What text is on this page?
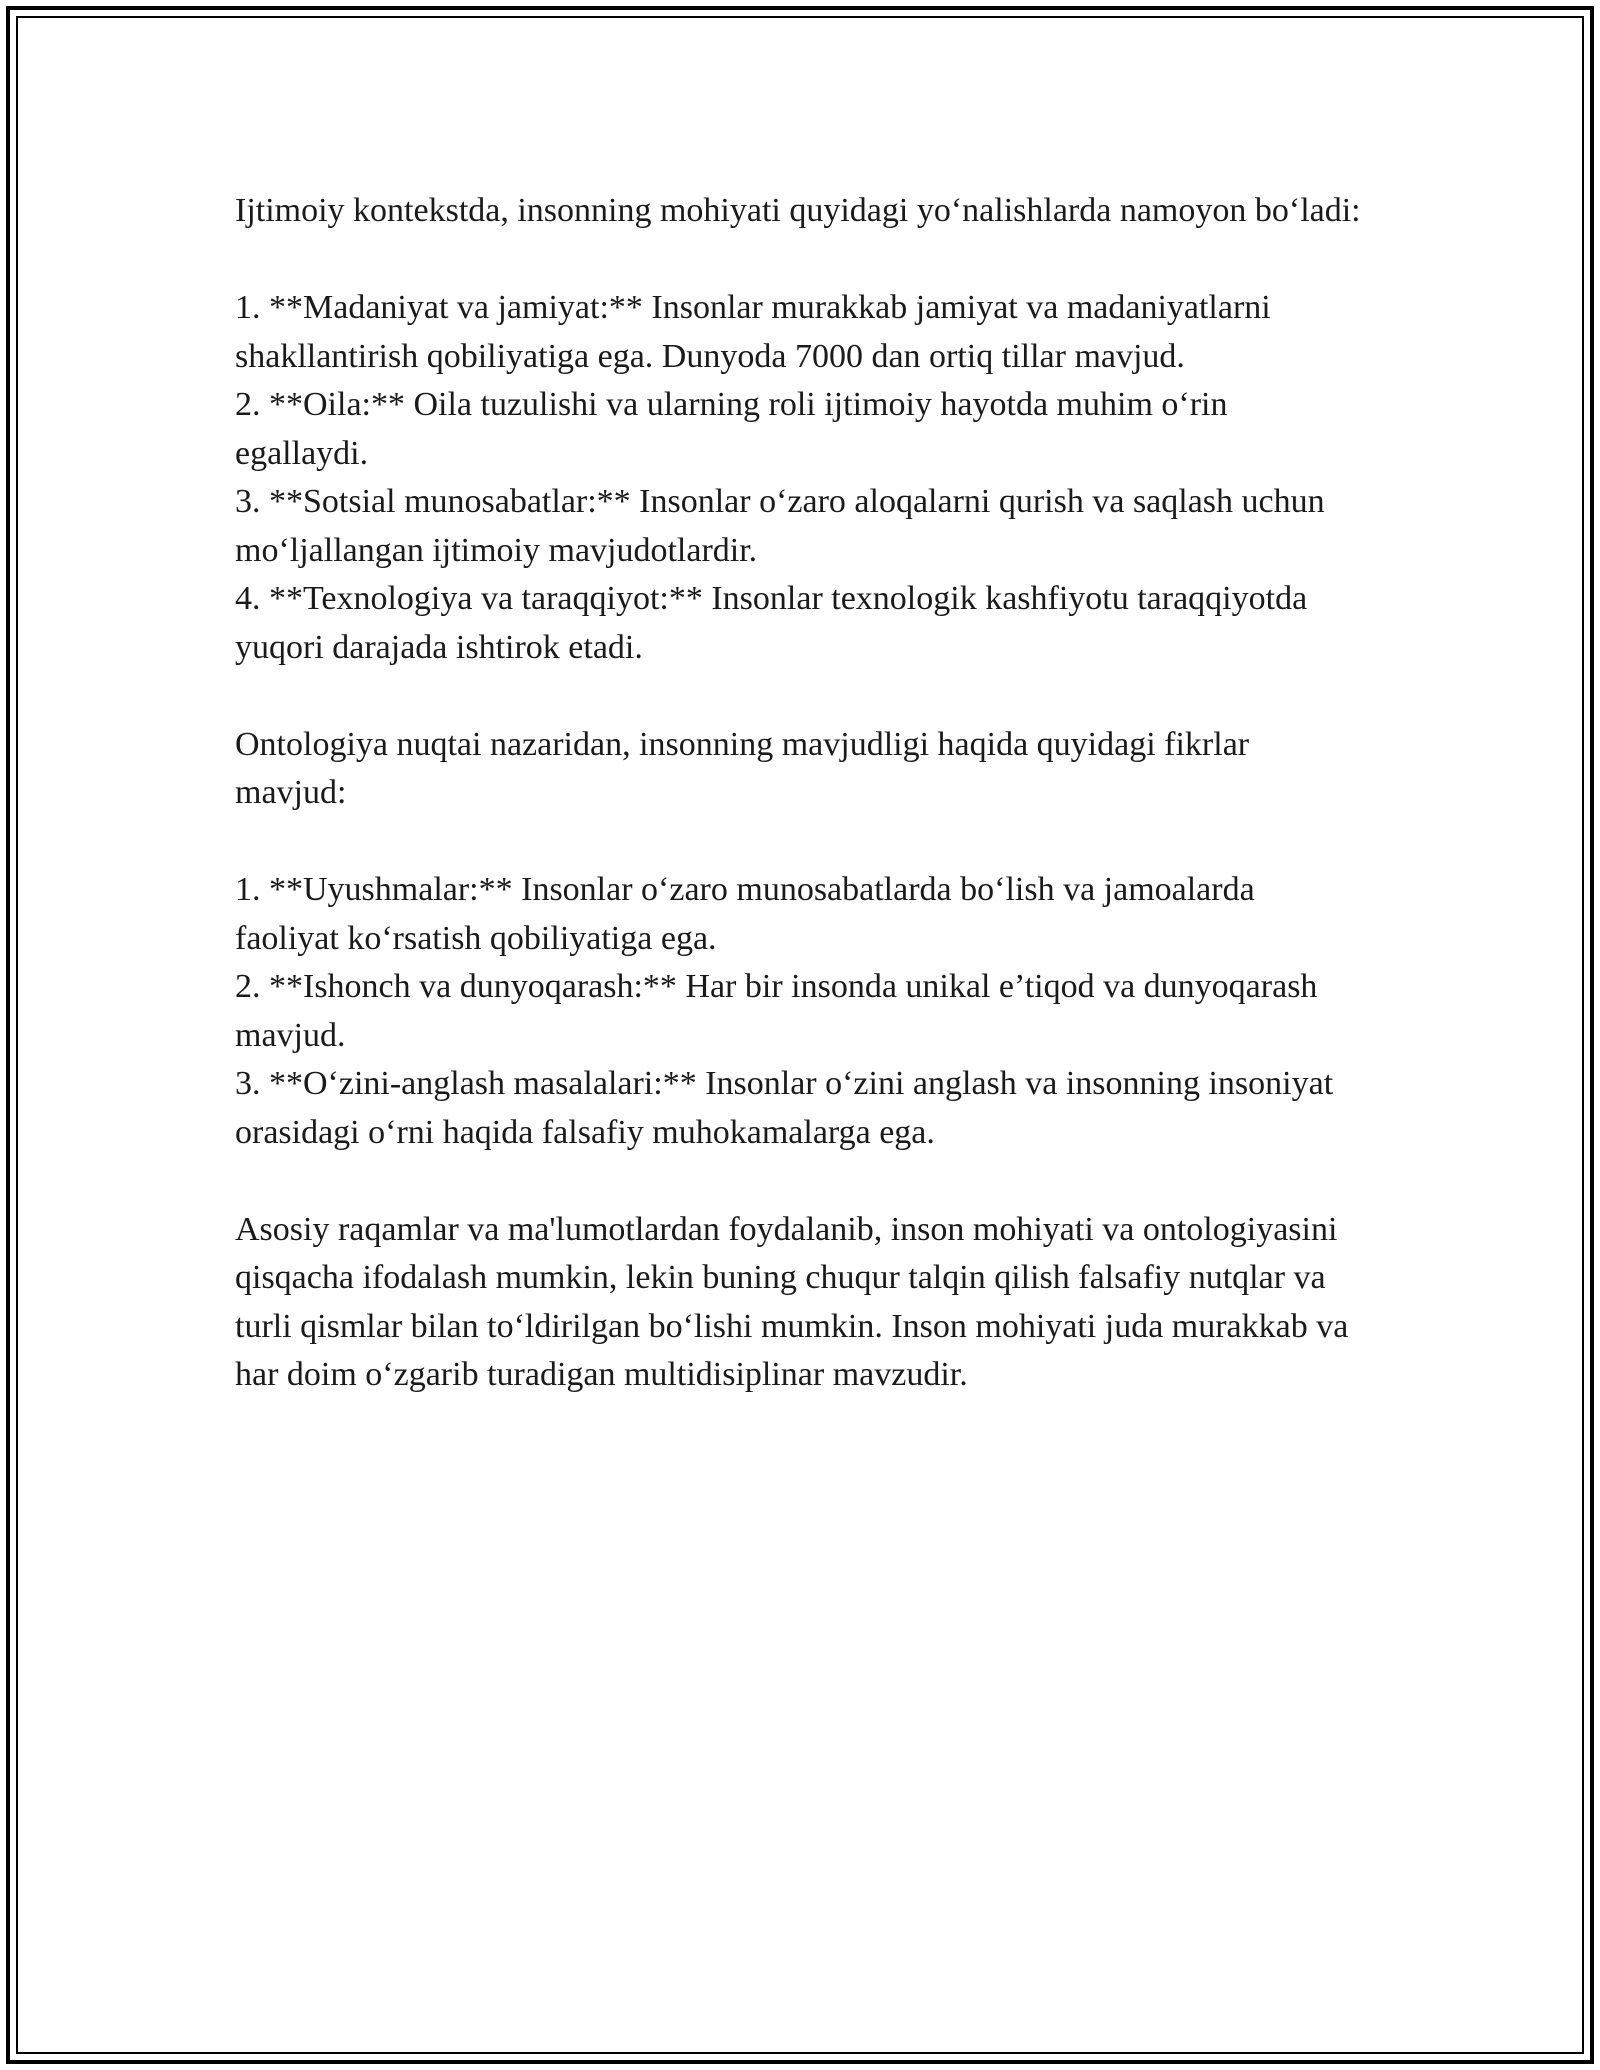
Ijtimoiy kontekstda, insonning mohiyati quyidagi yo‘nalishlarda namoyon bo‘ladi:

1. **Madaniyat va jamiyat:** Insonlar murakkab jamiyat va madaniyatlarni shakllantirish qobiliyatiga ega. Dunyoda 7000 dan ortiq tillar mavjud.

2. **Oila:** Oila tuzulishi va ularning roli ijtimoiy hayotda muhim o‘rin egallaydi.

3. **Sotsial munosabatlar:** Insonlar o‘zaro aloqalarni qurish va saqlash uchun mo‘ljallangan ijtimoiy mavjudotlardir.

4. **Texnologiya va taraqqiyot:** Insonlar texnologik kashfiyotu taraqqiyotda yuqori darajada ishtirok etadi.

Ontologiya nuqtai nazaridan, insonning mavjudligi haqida quyidagi fikrlar mavjud:

1. **Uyushmalar:** Insonlar o‘zaro munosabatlarda bo‘lish va jamoalarda faoliyat ko‘rsatish qobiliyatiga ega.

2. **Ishonch va dunyoqarash:** Har bir insonda unikal e’tiqod va dunyoqarash mavjud.

3. **O‘zini-anglash masalalari:** Insonlar o‘zini anglash va insonning insoniyat orasidagi o‘rni haqida falsafiy muhokamalarga ega.

Asosiy raqamlar va ma'lumotlardan foydalanib, inson mohiyati va ontologiyasini qisqacha ifodalash mumkin, lekin buning chuqur talqin qilish falsafiy nutqlar va turli qismlar bilan to‘ldirilgan bo‘lishi mumkin. Inson mohiyati juda murakkab va har doim o‘zgarib turadigan multidisiplinar mavzudir.
